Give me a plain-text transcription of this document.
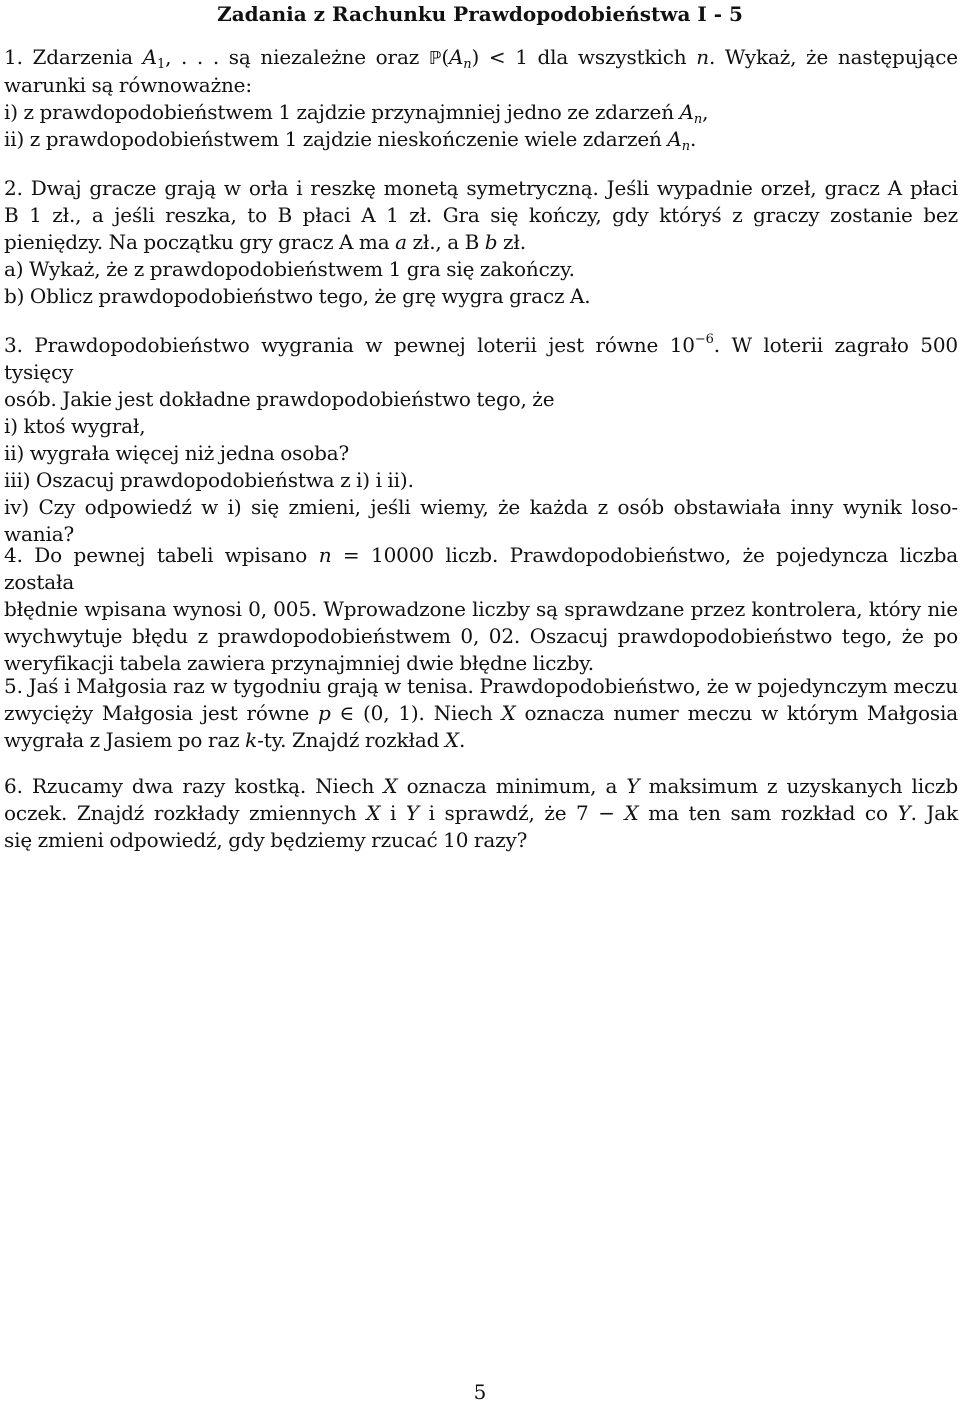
Zadania z Rachunku Prawdopodobieństwa I - 5

1. Zdarzenia $A_1$, . . . są niezależne oraz $ℙ(A_n) < 1$ dla wszystkich n. Wykaż, że następujące

warunki są równoważne:

i) z prawdopodobieństwem 1 zajdzie przynajmniej jedno ze zdarzeń $A_n$,

ii) z prawdopodobieństwem 1 zajdzie nieskończenie wiele zdarzeń $A_n$.

2. Dwaj gracze grają w orła i reszkę monetą symetryczną. Jeśli wypadnie orzeł, gracz A płaci

B 1 zł., a jeśli reszka, to B płaci A 1 zł. Gra się kończy, gdy któryś z graczy zostanie bez

pieniędzy. Na początku gry gracz A ma a zł., a B b zł.

a) Wykaż, że z prawdopodobieństwem 1 gra się zakończy.

b) Oblicz prawdopodobieństwo tego, że grę wygra gracz A.

3. Prawdopodobieństwo wygrania w pewnej loterii jest równe $10^{-6}$. W loterii zagrało 500 tysięcy

osób. Jakie jest dokładne prawdopodobieństwo tego, że

i) ktoś wygrał,

ii) wygrała więcej niż jedna osoba?

iii) Oszacuj prawdopodobieństwa z i) i ii).

iv) Czy odpowiedź w i) się zmieni, jeśli wiemy, że każda z osób obstawiała inny wynik loso-

wania?

4. Do pewnej tabeli wpisano n = 10000 liczb. Prawdopodobieństwo, że pojedyncza liczba została

błędnie wpisana wynosi 0, 005. Wprowadzone liczby są sprawdzane przez kontrolera, który nie

wychwytuje błędu z prawdopodobieństwem 0, 02. Oszacuj prawdopodobieństwo tego, że po

weryfikacji tabela zawiera przynajmniej dwie błędne liczby.

5. Jaś i Małgosia raz w tygodniu grają w tenisa. Prawdopodobieństwo, że w pojedynczym meczu

zwycięży Małgosia jest równe p ∈ (0, 1). Niech X oznacza numer meczu w którym Małgosia

wygrała z Jasiem po raz k-ty. Znajdź rozkład X.

6. Rzucamy dwa razy kostką. Niech X oznacza minimum, a Y maksimum z uzyskanych liczb

oczek. Znajdź rozkłady zmiennych X i Y i sprawdź, że 7 − X ma ten sam rozkład co Y. Jak

się zmieni odpowiedź, gdy będziemy rzucać 10 razy?

5
